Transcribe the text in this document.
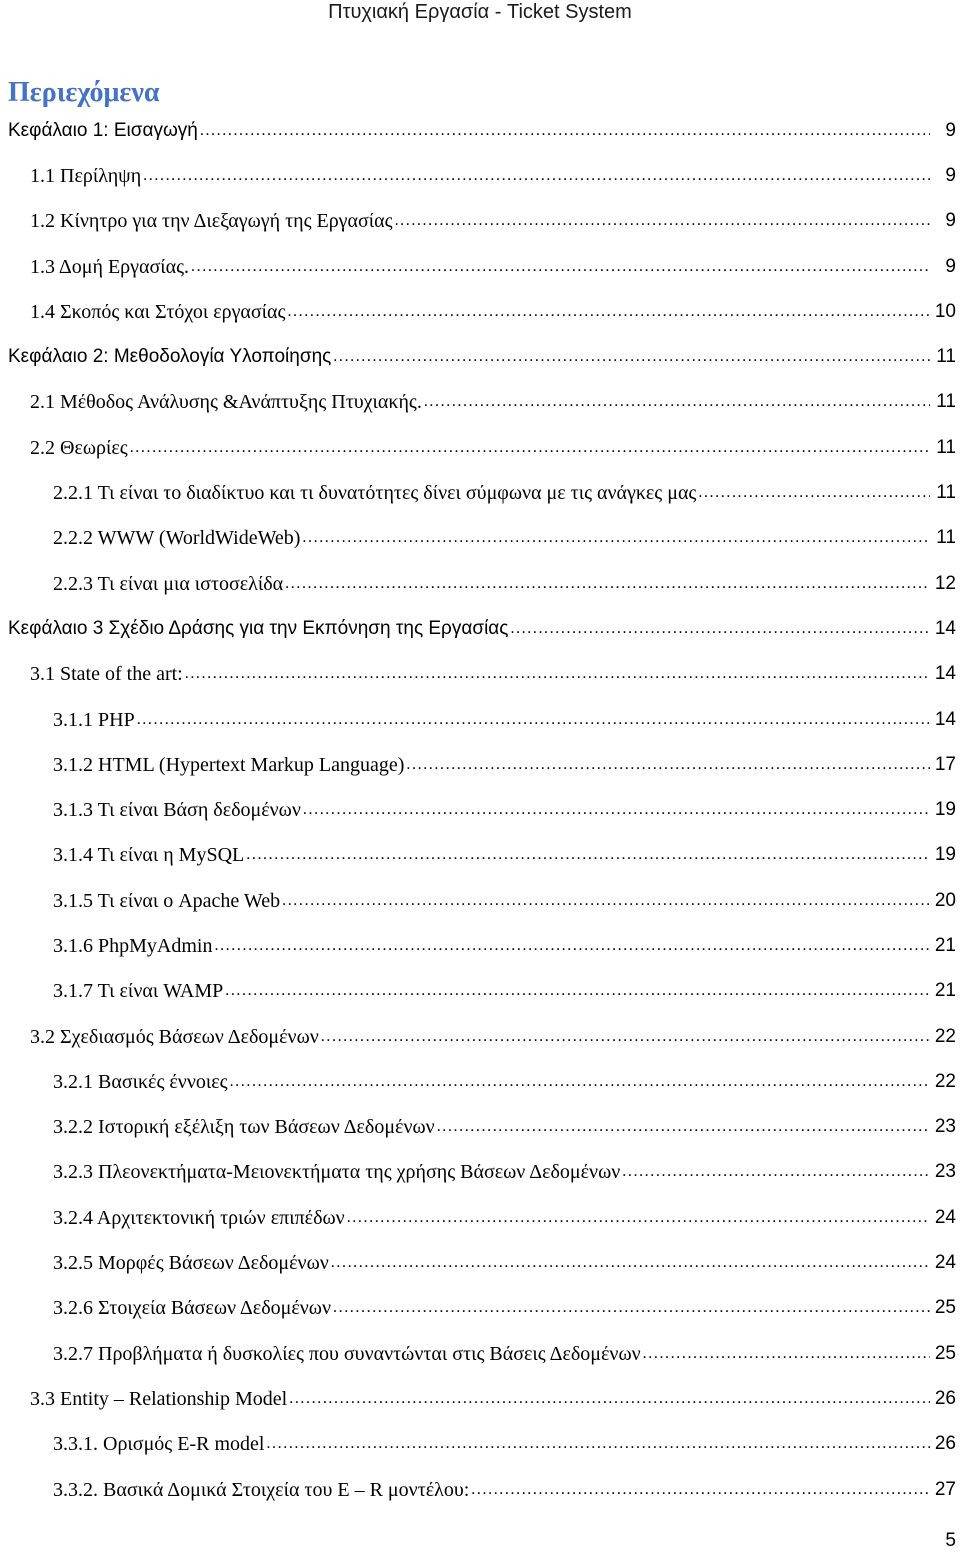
Πτυχιακή Εργασία - Ticket System
Περιεχόμενα
Κεφάλαιο 1: Εισαγωγή .....	9
1.1 Περίληψη .....	9
1.2 Κίνητρο για την Διεξαγωγή της Εργασίας .....	9
1.3 Δομή Εργασίας. .....	9
1.4 Σκοπός και Στόχοι εργασίας .....	10
Κεφάλαιο 2: Μεθοδολογία Υλοποίησης .....	11
2.1 Μέθοδος Ανάλυσης &Ανάπτυξης Πτυχιακής. .....	11
2.2 Θεωρίες .....	11
2.2.1 Τι είναι το διαδίκτυο και τι δυνατότητες δίνει σύμφωνα με τις ανάγκες μας .....	11
2.2.2 WWW (WorldWideWeb) .....	11
2.2.3 Τι είναι μια ιστοσελίδα .....	12
Κεφάλαιο 3 Σχέδιο Δράσης για την Εκπόνηση της Εργασίας .....	14
3.1 State of the art: .....	14
3.1.1 PHP .....	14
3.1.2 HTML (Hypertext Markup Language) .....	17
3.1.3 Τι είναι Βάση δεδομένων .....	19
3.1.4 Τι είναι η MySQL .....	19
3.1.5 Τι είναι ο Apache Web .....	20
3.1.6 PhpMyAdmin .....	21
3.1.7 Τι είναι WAMP .....	21
3.2 Σχεδιασμός Βάσεων Δεδομένων .....	22
3.2.1 Βασικές έννοιες .....	22
3.2.2 Ιστορική εξέλιξη των Βάσεων Δεδομένων .....	23
3.2.3 Πλεονεκτήματα-Μειονεκτήματα της χρήσης Βάσεων Δεδομένων .....	23
3.2.4 Αρχιτεκτονική τριών επιπέδων .....	24
3.2.5 Μορφές Βάσεων Δεδομένων .....	24
3.2.6 Στοιχεία Βάσεων Δεδομένων .....	25
3.2.7 Προβλήματα ή δυσκολίες που συναντώνται στις Βάσεις Δεδομένων .....	25
3.3 Entity – Relationship Model .....	26
3.3.1. Ορισμός E-R model .....	26
3.3.2. Βασικά Δομικά Στοιχεία του E – R μοντέλου: .....	27
5
